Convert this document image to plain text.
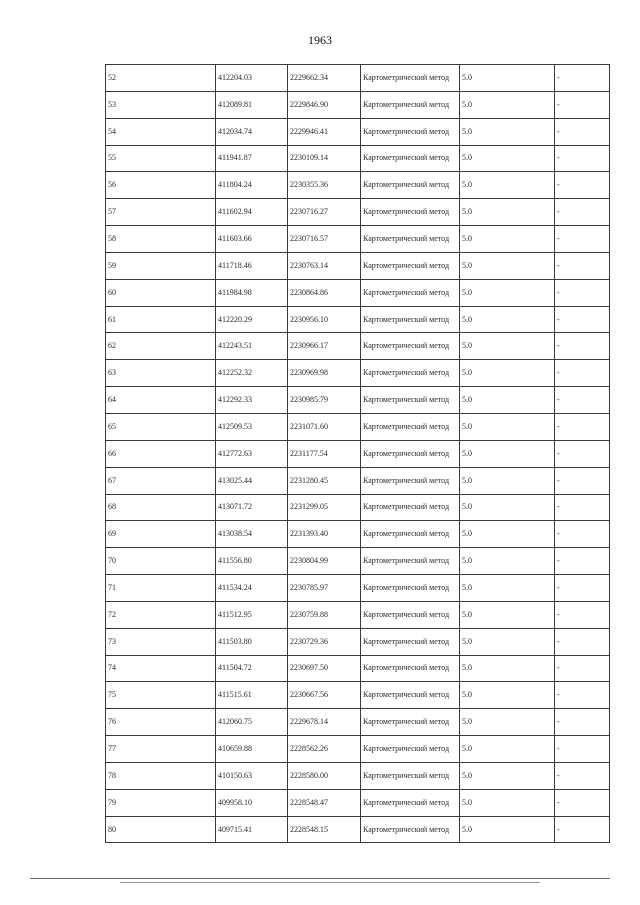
1963
52	412204.03	2229662.34	Картометрический метод	5.0	-
53	412089.81	2229846.90	Картометрический метод	5.0	-
54	412034.74	2229946.41	Картометрический метод	5.0	-
55	411941.87	2230109.14	Картометрический метод	5.0	-
56	411804.24	2230355.36	Картометрический метод	5.0	-
57	411602.94	2230716.27	Картометрический метод	5.0	-
58	411603.66	2230716.57	Картометрический метод	5.0	-
59	411718.46	2230763.14	Картометрический метод	5.0	-
60	411984.98	2230864.86	Картометрический метод	5.0	-
61	412220.29	2230956.10	Картометрический метод	5.0	-
62	412243.51	2230966.17	Картометрический метод	5.0	-
63	412252.32	2230969.98	Картометрический метод	5.0	-
64	412292.33	2230985.79	Картометрический метод	5.0	-
65	412509.53	2231071.60	Картометрический метод	5.0	-
66	412772.63	2231177.54	Картометрический метод	5.0	-
67	413025.44	2231280.45	Картометрический метод	5.0	-
68	413071.72	2231299.05	Картометрический метод	5.0	-
69	413038.54	2231393.40	Картометрический метод	5.0	-
70	411556.80	2230804.99	Картометрический метод	5.0	-
71	411534.24	2230785.97	Картометрический метод	5.0	-
72	411512.95	2230759.88	Картометрический метод	5.0	-
73	411503.80	2230729.36	Картометрический метод	5.0	-
74	411504.72	2230697.50	Картометрический метод	5.0	-
75	411515.61	2230667.56	Картометрический метод	5.0	-
76	412060.75	2229678.14	Картометрический метод	5.0	-
77	410659.88	2228562.26	Картометрический метод	5.0	-
78	410150.63	2228580.00	Картометрический метод	5.0	-
79	409958.10	2228548.47	Картометрический метод	5.0	-
80	409715.41	2228548.15	Картометрический метод	5.0	-
